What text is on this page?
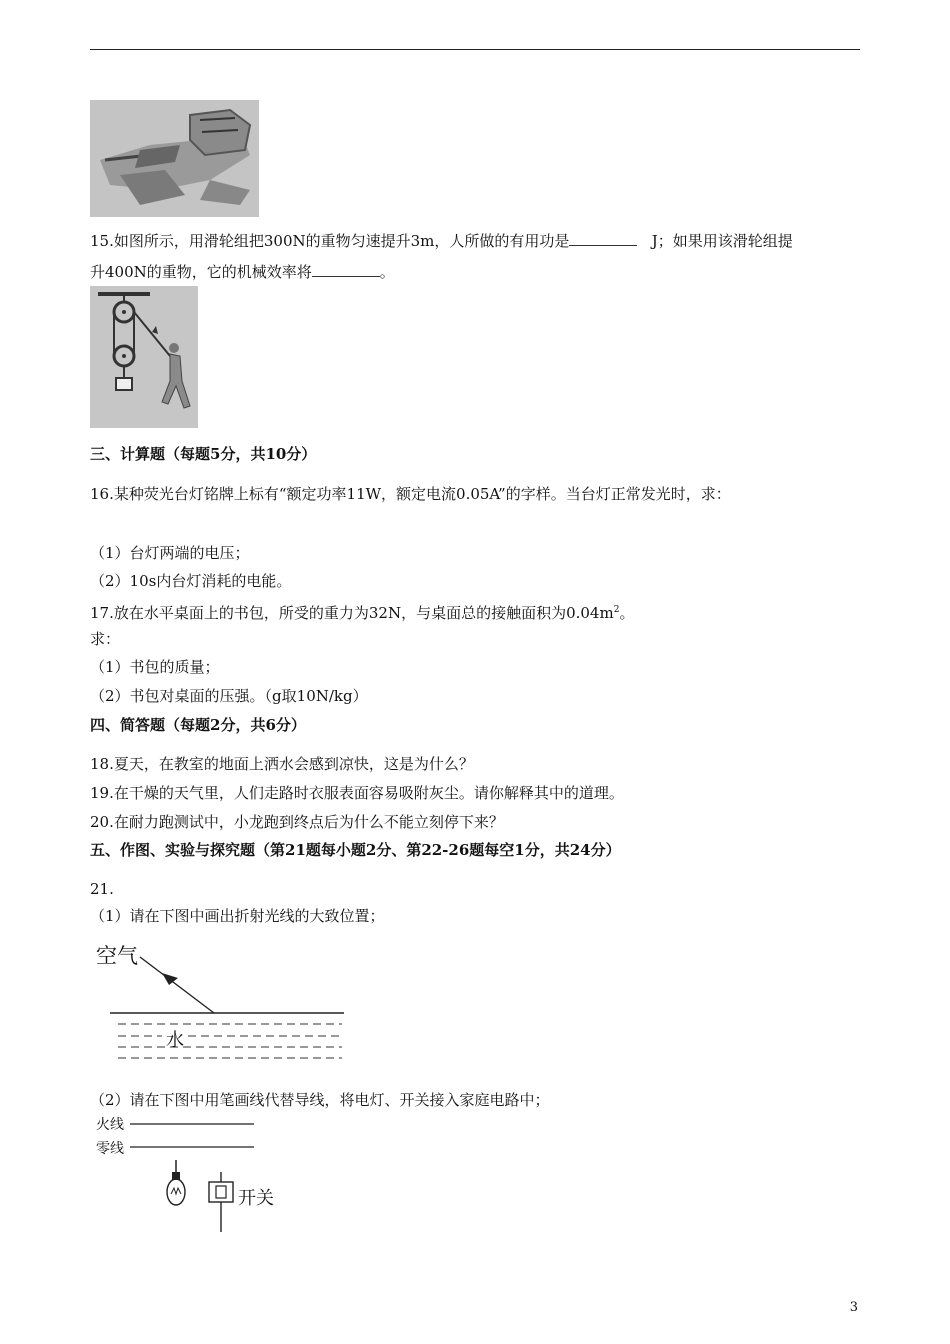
15.如图所示，用滑轮组把300N的重物匀速提升3m，人所做的有用功是	J；如果用该滑轮组提
升400N的重物，它的机械效率将	。
三、计算题（每题5分，共10分）
16.某种荧光台灯铭牌上标有“额定功率11W，额定电流0.05A”的字样。当台灯正常发光时，求：
（1）台灯两端的电压；
（2）10s内台灯消耗的电能。
17.放在水平桌面上的书包，所受的重力为32N，与桌面总的接触面积为$0.04m^2$。
求：
（1）书包的质量；
（2）书包对桌面的压强。（g取10N/kg）
四、简答题（每题2分，共6分）
18.夏天，在教室的地面上洒水会感到凉快，这是为什么？
19.在干燥的天气里，人们走路时衣服表面容易吸附灰尘。请你解释其中的道理。
20.在耐力跑测试中，小龙跑到终点后为什么不能立刻停下来？
五、作图、实验与探究题（第21题每小题2分、第22-26题每空1分，共24分）
21.
（1）请在下图中画出折射光线的大致位置；
空气
水
（2）请在下图中用笔画线代替导线，将电灯、开关接入家庭电路中；
火线
零线
开关
3
